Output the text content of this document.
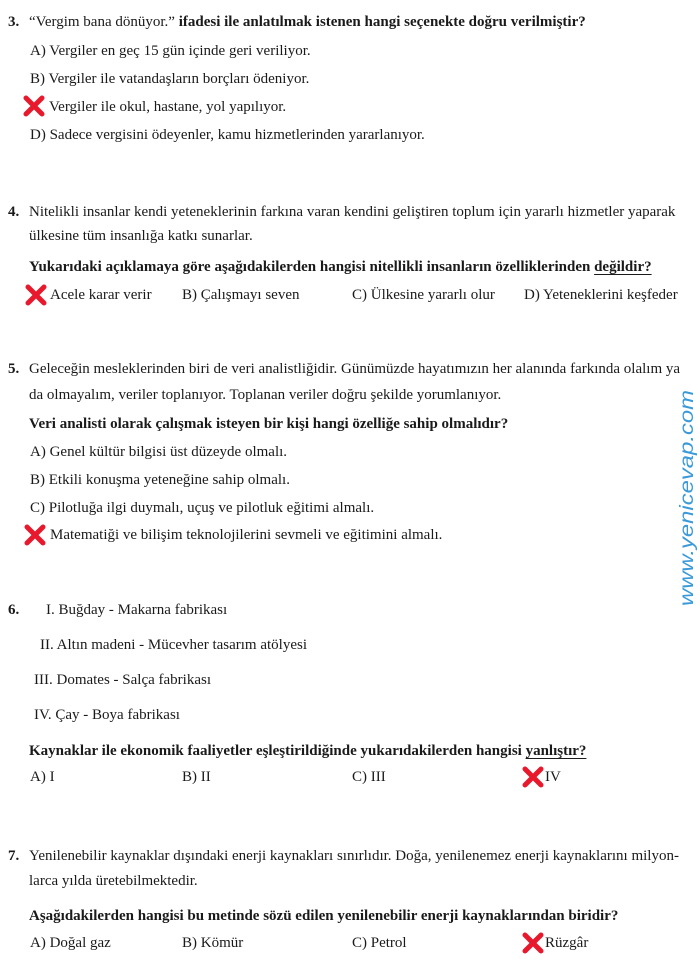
www.yenicevap.com
3. “Vergim bana dönüyor.” ifadesi ile anlatılmak istenen hangi seçenekte doğru verilmiştir?
A) Vergiler en geç 15 gün içinde geri veriliyor.
B) Vergiler ile vatandaşların borçları ödeniyor.
Vergiler ile okul, hastane, yol yapılıyor.
D) Sadece vergisini ödeyenler, kamu hizmetlerinden yararlanıyor.
4. Nitelikli insanlar kendi yeteneklerinin farkına varan kendini geliştiren toplum için yararlı hizmetler yaparak
ülkesine tüm insanlığa katkı sunarlar.
Yukarıdaki açıklamaya göre aşağıdakilerden hangisi nitellikli insanların özelliklerinden değildir?
Acele karar verir B) Çalışmayı seven	C) Ülkesine yararlı olur D) Yeteneklerini keşfeder
5. Geleceğin mesleklerinden biri de veri analistliğidir. Günümüzde hayatımızın her alanında farkında olalım ya
da olmayalım, veriler toplanıyor. Toplanan veriler doğru şekilde yorumlanıyor.
Veri analisti olarak çalışmak isteyen bir kişi hangi özelliğe sahip olmalıdır?
A) Genel kültür bilgisi üst düzeyde olmalı.
B) Etkili konuşma yeteneğine sahip olmalı.
C) Pilotluğa ilgi duymalı, uçuş ve pilotluk eğitimi almalı.
Matematiği ve bilişim teknolojilerini sevmeli ve eğitimini almalı.
6. I. Buğday - Makarna fabrikası
II. Altın madeni - Mücevher tasarım atölyesi
III. Domates - Salça fabrikası
IV. Çay - Boya fabrikası
Kaynaklar ile ekonomik faaliyetler eşleştirildiğinde yukarıdakilerden hangisi yanlıştır?
A) I	B) II	C) III	IV
7. Yenilenebilir kaynaklar dışındaki enerji kaynakları sınırlıdır. Doğa, yenilenemez enerji kaynaklarını milyon-
larca yılda üretebilmektedir.
Aşağıdakilerden hangisi bu metinde sözü edilen yenilenebilir enerji kaynaklarından biridir?
A) Doğal gaz	B) Kömür	C) Petrol	Rüzgâr
